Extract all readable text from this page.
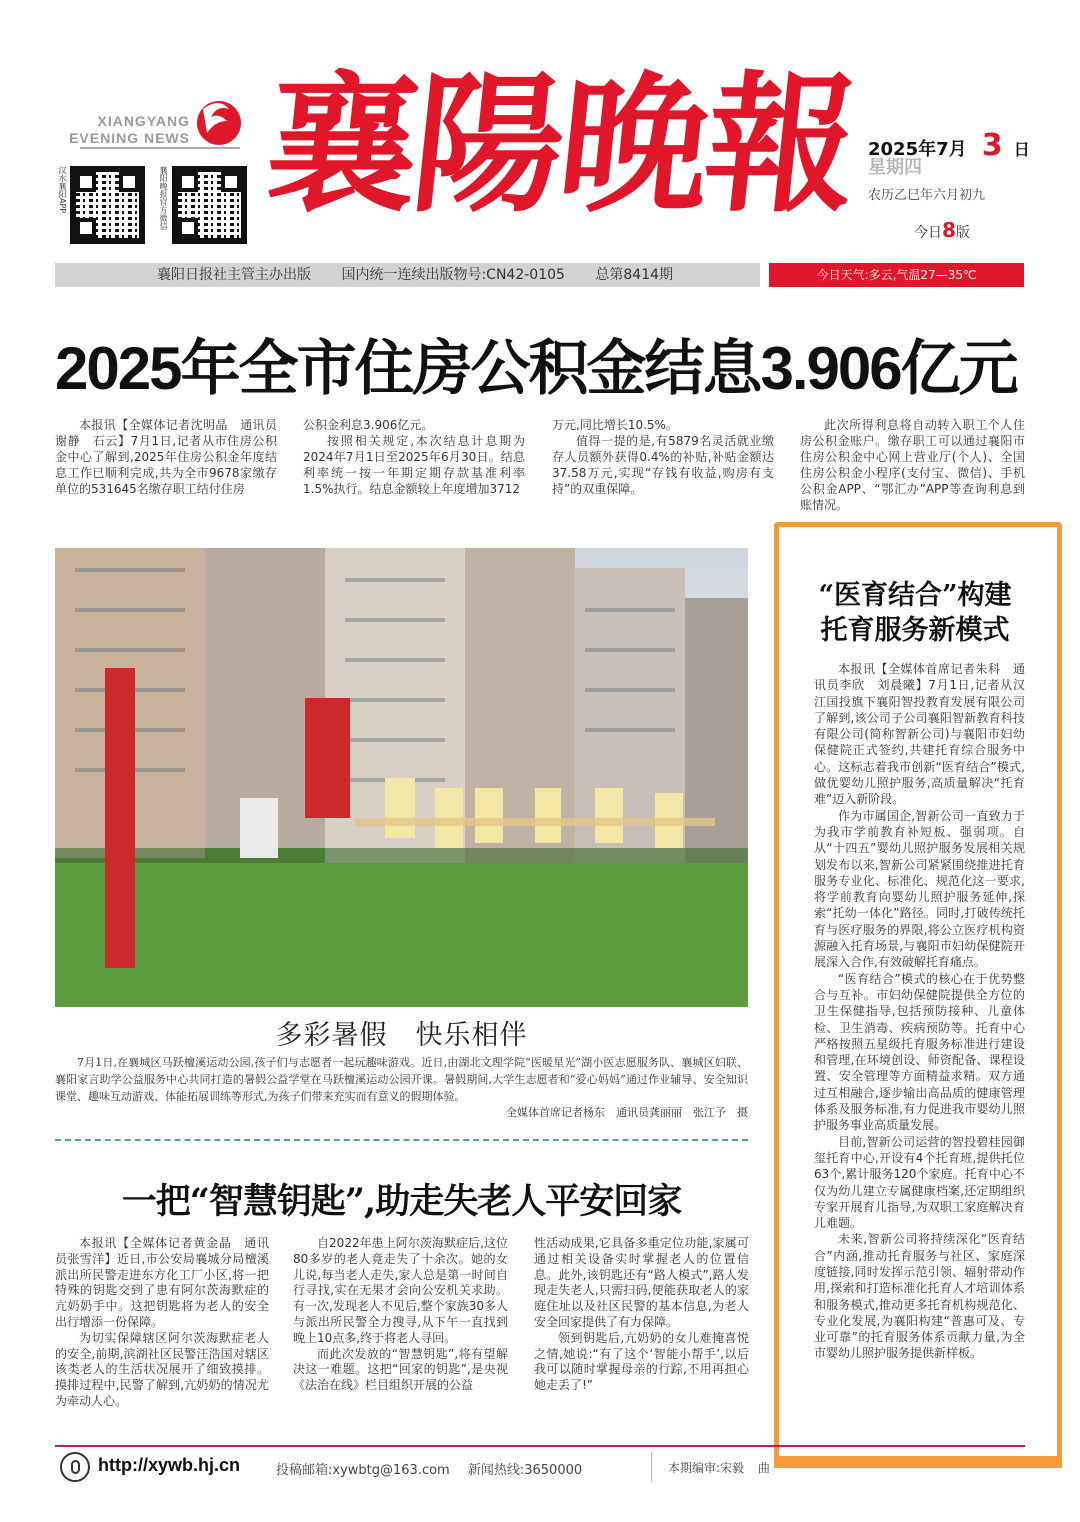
XIANGYANG
EVENING NEWS 襄陽晚報
汉水襄阳APP	襄阳晚报官方微信
2025年7月 3 日
星期四
农历乙巳年六月初九
今日8版
襄阳日报社主管主办出版 国内统一连续出版物号:CN42-0105 总第8414期	今日天气:多云,气温27—35℃
2025年全市住房公积金结息3.906亿元

本报讯【全媒体记者沈明晶　通讯员谢静　石云】7月1日,记者从市住房公积金中心了解到,2025年住房公积金年度结息工作已顺利完成,共为全市9678家缴存单位的531645名缴存职工结付住房

公积金利息3.906亿元。

按照相关规定,本次结息计息期为2024年7月1日至2025年6月30日。结息利率统一按一年期定期存款基准利率1.5%执行。结息金额较上年度增加3712

万元,同比增长10.5%。

值得一提的是,有5879名灵活就业缴存人员额外获得0.4%的补贴,补贴金额达37.58万元,实现“存钱有收益,购房有支持”的双重保障。

此次所得利息将自动转入职工个人住房公积金账户。缴存职工可以通过襄阳市住房公积金中心网上营业厅(个人)、全国住房公积金小程序(支付宝、微信)、手机公积金APP、“鄂汇办”APP等查询利息到账情况。

多彩暑假　快乐相伴
7月1日,在襄城区马跃檀溪运动公园,孩子们与志愿者一起玩趣味游戏。近日,由湖北文理学院“医暖星光”湖小医志愿服务队、襄城区妇联、襄阳家言助学公益服务中心共同打造的暑假公益学堂在马跃檀溪运动公园开课。暑假期间,大学生志愿者和“爱心妈妈”通过作业辅导、安全知识课堂、趣味互动游戏、体能拓展训练等形式,为孩子们带来充实而有意义的假期体验。
全媒体首席记者杨东　通讯员龚丽丽　张江予　摄
一把“智慧钥匙”,助走失老人平安回家

本报讯【全媒体记者黄金晶　通讯员张雪洋】近日,市公安局襄城分局檀溪派出所民警走进东方化工厂小区,将一把特殊的钥匙交到了患有阿尔茨海默症的亢奶奶手中。这把钥匙将为老人的安全出行增添一份保障。

为切实保障辖区阿尔茨海默症老人的安全,前期,滨湖社区民警汪浩国对辖区该类老人的生活状况展开了细致摸排。摸排过程中,民警了解到,亢奶奶的情况尤为牵动人心。

自2022年患上阿尔茨海默症后,这位80多岁的老人竟走失了十余次。她的女儿说,每当老人走失,家人总是第一时间自行寻找,实在无果才会向公安机关求助。有一次,发现老人不见后,整个家族30多人与派出所民警全力搜寻,从下午一直找到晚上10点多,终于将老人寻回。

而此次发放的“智慧钥匙”,将有望解决这一难题。这把“回家的钥匙”,是央视《法治在线》栏目组织开展的公益

性活动成果,它具备多重定位功能,家属可通过相关设备实时掌握老人的位置信息。此外,该钥匙还有“路人模式”,路人发现走失老人,只需扫码,便能获取老人的家庭住址以及社区民警的基本信息,为老人安全回家提供了有力保障。

领到钥匙后,亢奶奶的女儿难掩喜悦之情,她说:“有了这个‘智能小帮手’,以后我可以随时掌握母亲的行踪,不用再担心她走丢了!”

“医育结合”构建
托育服务新模式

本报讯【全媒体首席记者朱科　通讯员李欣　刘晨曦】7月1日,记者从汉江国投旗下襄阳智投教育发展有限公司了解到,该公司子公司襄阳智新教育科技有限公司(简称智新公司)与襄阳市妇幼保健院正式签约,共建托育综合服务中心。这标志着我市创新“医育结合”模式,做优婴幼儿照护服务,高质量解决“托育难”迈入新阶段。

作为市属国企,智新公司一直致力于为我市学前教育补短板、强弱项。自从“十四五”婴幼儿照护服务发展相关规划发布以来,智新公司紧紧围绕推进托育服务专业化、标准化、规范化这一要求,将学前教育向婴幼儿照护服务延伸,探索“托幼一体化”路径。同时,打破传统托育与医疗服务的界限,将公立医疗机构资源融入托育场景,与襄阳市妇幼保健院开展深入合作,有效破解托育痛点。

“医育结合”模式的核心在于优势整合与互补。市妇幼保健院提供全方位的卫生保健指导,包括预防接种、儿童体检、卫生消毒、疾病预防等。托育中心严格按照五星级托育服务标准进行建设和管理,在环境创设、师资配备、课程设置、安全管理等方面精益求精。双方通过互相融合,逐步输出高品质的健康管理体系及服务标准,有力促进我市婴幼儿照护服务事业高质量发展。

目前,智新公司运营的智投碧桂园御玺托育中心,开设有4个托育班,提供托位63个,累计服务120个家庭。托育中心不仅为幼儿建立专属健康档案,还定期组织专家开展育儿指导,为双职工家庭解决育儿难题。

未来,智新公司将持续深化“医育结合”内涵,推动托育服务与社区、家庭深度链接,同时发挥示范引领、辐射带动作用,探索和打造标准化托育人才培训体系和服务模式,推动更多托育机构规范化、专业化发展,为襄阳构建“普惠可及、专业可靠”的托育服务体系贡献力量,为全市婴幼儿照护服务提供新样板。

http://xywb.hj.cn	投稿邮箱:xywbtg@163.com 新闻热线:3650000	本期编审:宋毅 曲
